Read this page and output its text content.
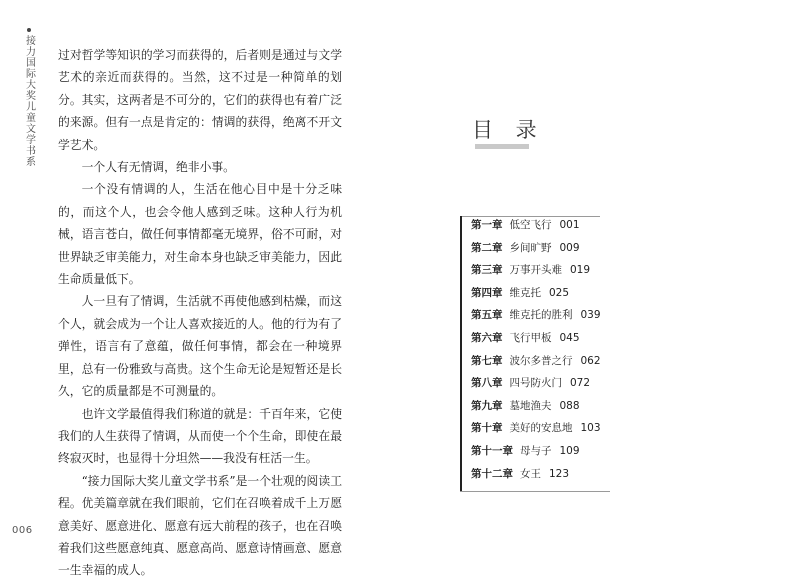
接力国际大奖儿童文学书系 过对哲学等知识的学习而获得的，后者则是通过与文学艺术的亲近而获得的。当然，这不过是一种简单的划分。其实，这两者是不可分的，它们的获得也有着广泛的来源。但有一点是肯定的：情调的获得，绝离不开文学艺术。

一个人有无情调，绝非小事。

一个没有情调的人，生活在他心目中是十分乏味的，而这个人，也会令他人感到乏味。这种人行为机械，语言苍白，做任何事情都毫无境界，俗不可耐，对世界缺乏审美能力，对生命本身也缺乏审美能力，因此生命质量低下。

人一旦有了情调，生活就不再使他感到枯燥，而这个人，就会成为一个让人喜欢接近的人。他的行为有了弹性，语言有了意蕴，做任何事情，都会在一种境界里，总有一份雅致与高贵。这个生命无论是短暂还是长久，它的质量都是不可测量的。

也许文学最值得我们称道的就是：千百年来，它使我们的人生获得了情调，从而使一个个生命，即使在最终寂灭时，也显得十分坦然——我没有枉活一生。

“接力国际大奖儿童文学书系”是一个壮观的阅读工程。优美篇章就在我们眼前，它们在召唤着成千上万愿意美好、愿意进化、愿意有远大前程的孩子，也在召唤着我们这些愿意纯真、愿意高尚、愿意诗情画意、愿意一生幸福的成人。

006
目 录
第一章 低空飞行 001
第二章 乡间旷野 009
第三章 万事开头难 019
第四章 维克托 025
第五章 维克托的胜利 039
第六章 飞行甲板 045
第七章 波尔多普之行 062
第八章 四号防火门 072
第九章 墓地渔夫 088
第十章 美好的安息地 103
第十一章 母与子 109
第十二章 女王 123
